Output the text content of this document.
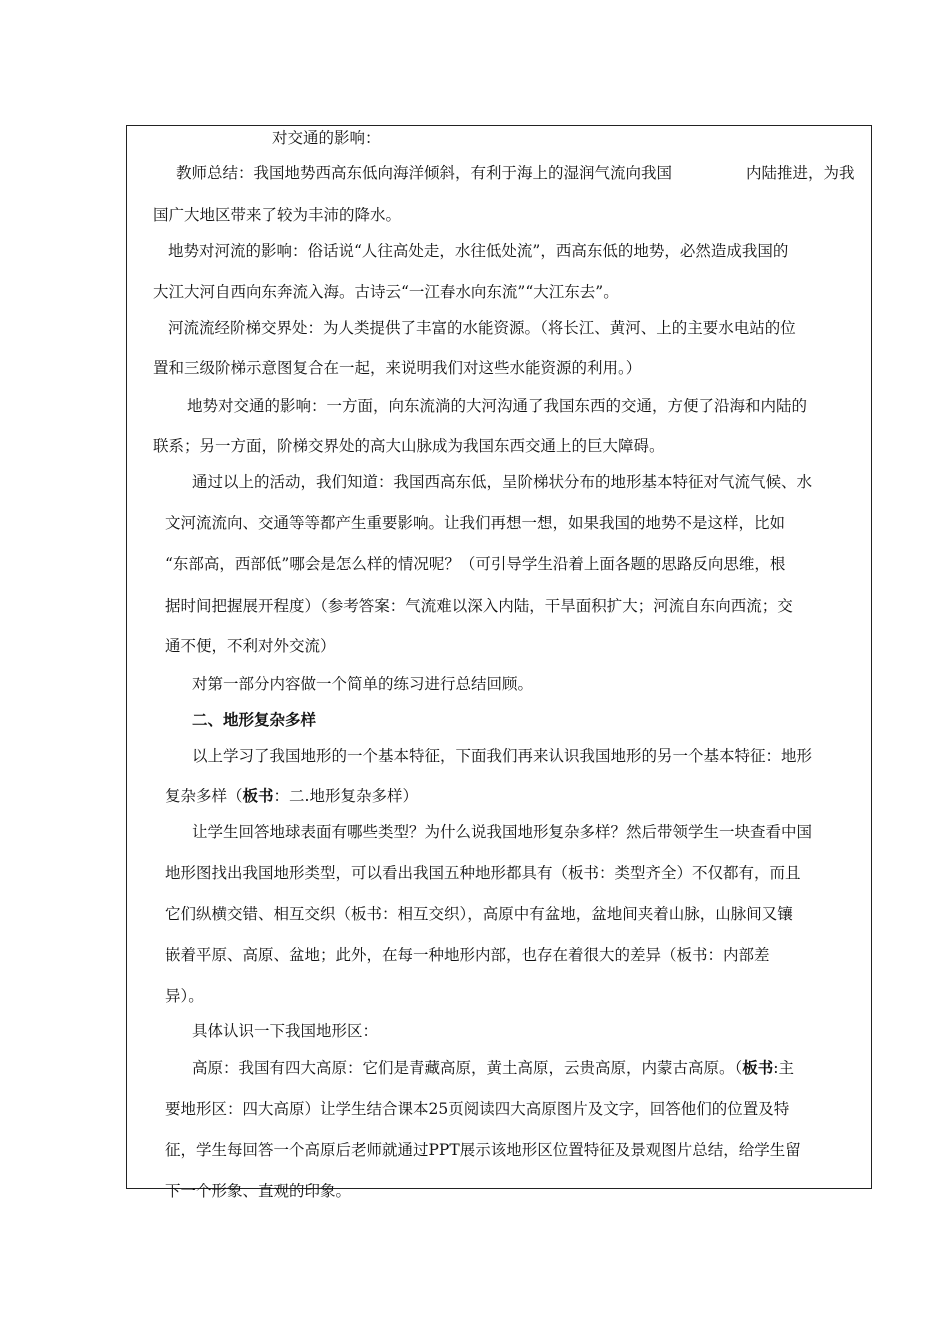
对交通的影响：
教师总结：我国地势西高东低向海洋倾斜，有利于海上的湿润气流向我国	内陆推进，为我
国广大地区带来了较为丰沛的降水。
地势对河流的影响：俗话说“人往高处走，水往低处流”，西高东低的地势，必然造成我国的
大江大河自西向东奔流入海。古诗云“一江春水向东流”“大江东去”。
河流流经阶梯交界处：为人类提供了丰富的水能资源。（将长江、黄河、上的主要水电站的位
置和三级阶梯示意图复合在一起，来说明我们对这些水能资源的利用。）
地势对交通的影响：一方面，向东流淌的大河沟通了我国东西的交通，方便了沿海和内陆的
联系；另一方面，阶梯交界处的高大山脉成为我国东西交通上的巨大障碍。
通过以上的活动，我们知道：我国西高东低，呈阶梯状分布的地形基本特征对气流气候、水
文河流流向、交通等等都产生重要影响。让我们再想一想，如果我国的地势不是这样，比如
“东部高，西部低”哪会是怎么样的情况呢？（可引导学生沿着上面各题的思路反向思维，根
据时间把握展开程度）（参考答案：气流难以深入内陆，干旱面积扩大；河流自东向西流；交
通不便，不利对外交流）
对第一部分内容做一个简单的练习进行总结回顾。
二、地形复杂多样
以上学习了我国地形的一个基本特征，下面我们再来认识我国地形的另一个基本特征：地形
复杂多样（板书：二.地形复杂多样）
让学生回答地球表面有哪些类型？为什么说我国地形复杂多样？然后带领学生一块查看中国
地形图找出我国地形类型，可以看出我国五种地形都具有（板书：类型齐全）不仅都有，而且
它们纵横交错、相互交织（板书：相互交织），高原中有盆地，盆地间夹着山脉，山脉间又镶
嵌着平原、高原、盆地；此外，在每一种地形内部，也存在着很大的差异（板书：内部差
异）。
具体认识一下我国地形区：
高原：我国有四大高原：它们是青藏高原，黄土高原，云贵高原，内蒙古高原。（板书:主
要地形区：四大高原）让学生结合课本25页阅读四大高原图片及文字，回答他们的位置及特
征，学生每回答一个高原后老师就通过PPT展示该地形区位置特征及景观图片总结，给学生留
下一个形象、直观的印象。
